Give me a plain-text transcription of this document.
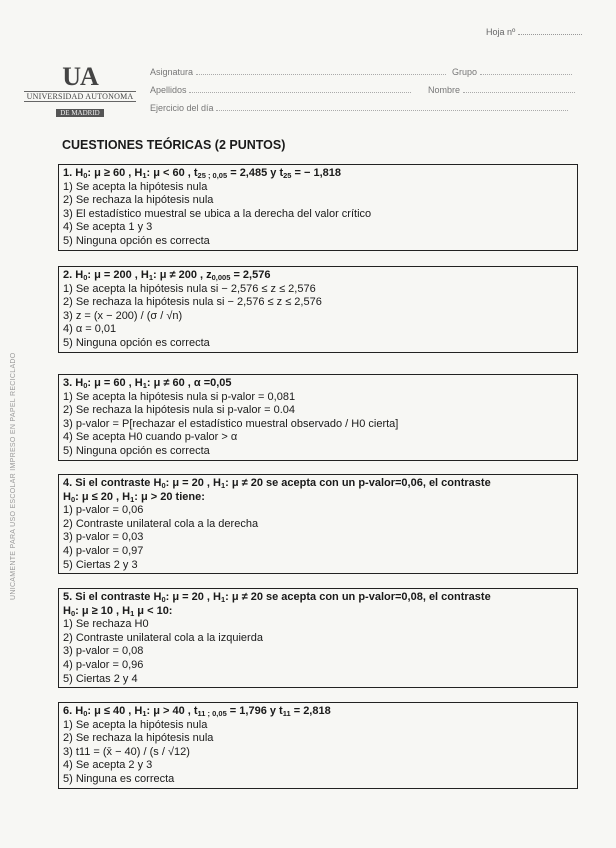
Hoja nº
UA
UNIVERSIDAD AUTONOMA
DE MADRID
Asignatura	Grupo
Apellidos	Nombre
Ejercicio del día
UNICAMENTE PARA USO ESCOLAR IMPRESO EN PAPEL RECICLADO
CUESTIONES TEÓRICAS (2 PUNTOS)
1. $H_0$: μ ≥ 60 , $H_1$: μ < 60 , $t_{25 ; 0,05} = 2,485$ y $t_{25}$ = − 1,818
1) Se acepta la hipótesis nula
2) Se rechaza la hipótesis nula
3) El estadístico muestral se ubica a la derecha del valor crítico
4) Se acepta 1 y 3
5) Ninguna opción es correcta
2. $H_0$: μ = 200 , $H_1$: μ ≠ 200 , $z_{0,005} = 2,576$
1) Se acepta la hipótesis nula si − 2,576 ≤ z ≤ 2,576
2) Se rechaza la hipótesis nula si − 2,576 ≤ z ≤ 2,576
3) z = (x − 200) / (σ / √n)
4) α = 0,01
5) Ninguna opción es correcta
3. $H_0$: μ = 60 , $H_1$: μ ≠ 60 , α =0,05
1) Se acepta la hipótesis nula si p-valor = 0,081
2) Se rechaza la hipótesis nula si p-valor = 0.04
3) p-valor = P[rechazar el estadístico muestral observado / H0 cierta]
4) Se acepta H0 cuando p-valor > α
5) Ninguna opción es correcta
4. Si el contraste $H_0$: μ = 20 , $H_1$: μ ≠ 20 se acepta con un p-valor=0,06, el contraste
$H_0$: μ ≤ 20 , $H_1$: μ > 20 tiene:
1) p-valor = 0,06
2) Contraste unilateral cola a la derecha
3) p-valor = 0,03
4) p-valor = 0,97
5) Ciertas 2 y 3
5. Si el contraste $H_0$: μ = 20 , $H_1$: μ ≠ 20 se acepta con un p-valor=0,08, el contraste
$H_0$: μ ≥ 10 , $H_1$ μ < 10:
1) Se rechaza H0
2) Contraste unilateral cola a la izquierda
3) p-valor = 0,08
4) p-valor = 0,96
5) Ciertas 2 y 4
6. $H_0$: μ ≤ 40 , $H_1$: μ > 40 , $t_{11 ; 0,05} = 1,796$ y $t_{11} = 2,818$
1) Se acepta la hipótesis nula
2) Se rechaza la hipótesis nula
3) t11 = (x̄ − 40) / (s / √12)
4) Se acepta 2 y 3
5) Ninguna es correcta
